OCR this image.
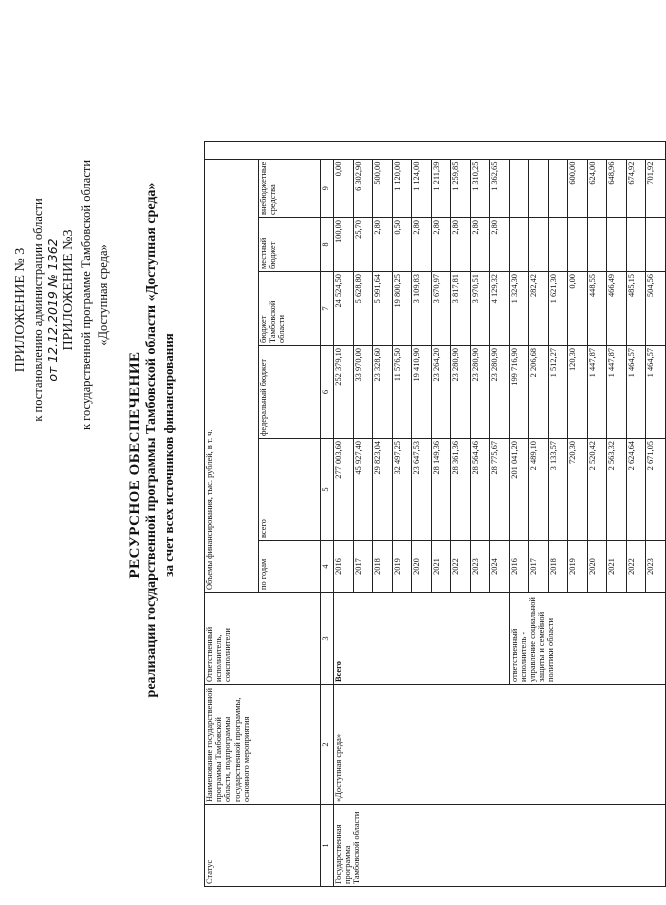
ПРИЛОЖЕНИЕ № 3 к постановлению администрации области от 12.12.2019 № 1362 ПРИЛОЖЕНИЕ №3 к государственной программе Тамбовской области «Доступная среда»
РЕСУРСНОЕ ОБЕСПЕЧЕНИЕ реализации государственной программы Тамбовской области «Доступная среда» за счет всех источников финансирования
Статус	Наименование государственной программы Тамбовской области, подпрограммы государственной программы, основного мероприятия	Ответственный исполнитель, соисполнители	Объемы финансирования, тыс. рублей, в т. ч.						
			по годам	всего	федеральный бюджет	бюджет Тамбовской области	местный бюджет	внебюджетные средства	
1	2	3	4	5	6	7	8	9	
Государственная программа Тамбовской области	«Доступная среда»	Всего	2016	277 003,60	252 379,10	24 524,50	100,00	0,00	
			2017	45 927,40	33 970,00	5 628,80	25,70	6 302,90	
			2018	29 823,04	23 328,60	5 991,64	2,80	500,00	
			2019	32 497,25	11 576,50	19 800,25	0,50	1 120,00	
			2020	23 647,53	19 410,90	3 109,83	2,80	1 124,00	
			2021	28 149,36	23 264,20	3 670,97	2,80	1 211,39	
			2022	28 361,36	23 280,90	3 817,81	2,80	1 259,85	
			2023	28 564,46	23 280,90	3 970,51	2,80	1 310,25	
			2024	28 775,67	23 280,90	4 129,32	2,80	1 362,65	
		ответственный исполнитель - управление социальной защиты и семейной политики области	2016	201 041,20	199 716,90	1 324,30			
			2017	2 489,10	2 206,68	282,42			
			2018	3 133,57	1 512,27	1 621,30			
			2019	720,30	120,30	0,00		600,00	
			2020	2 520,42	1 447,87	448,55		624,00	
			2021	2 563,32	1 447,87	466,49		648,96	
			2022	2 624,64	1 464,57	485,15		674,92	
			2023	2 671,05	1 464,57	504,56		701,92	
